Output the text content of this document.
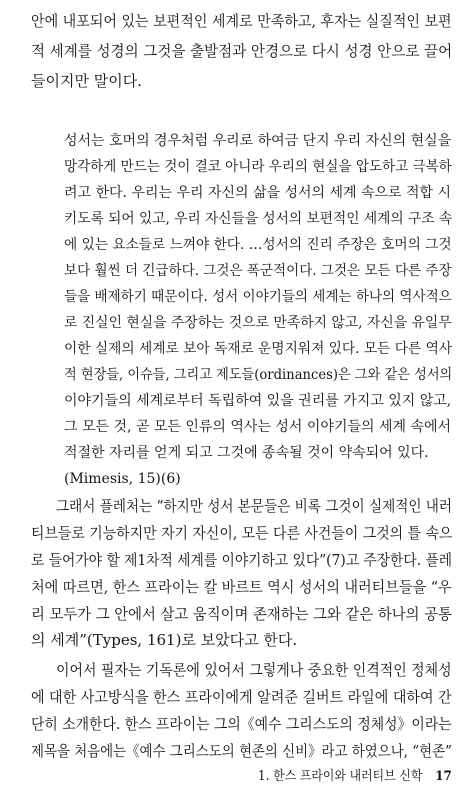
안에 내포되어 있는 보편적인 세계로 만족하고, 후자는 실질적인 보편
적 세계를 성경의 그것을 출발점과 안경으로 다시 성경 안으로 끌어
들이지만 말이다.
성서는 호머의 경우처럼 우리로 하여금 단지 우리 자신의 현실을
망각하게 만드는 것이 결코 아니라 우리의 현실을 압도하고 극복하
려고 한다. 우리는 우리 자신의 삶을 성서의 세계 속으로 적합 시
키도록 되어 있고, 우리 자신들을 성서의 보편적인 세계의 구조 속
에 있는 요소들로 느껴야 한다. …성서의 진리 주장은 호머의 그것
보다 훨씬 더 긴급하다. 그것은 폭군적이다. 그것은 모든 다른 주장
들을 배제하기 때문이다. 성서 이야기들의 세계는 하나의 역사적으
로 진실인 현실을 주장하는 것으로 만족하지 않고, 자신을 유일무
이한 실제의 세계로 보아 독재로 운명지워져 있다. 모든 다른 역사
적 현장들, 이슈들, 그리고 제도들(ordinances)은 그와 같은 성서의
이야기들의 세계로부터 독립하여 있을 권리를 가지고 있지 않고,
그 모든 것, 곧 모든 인류의 역사는 성서 이야기들의 세계 속에서
적절한 자리를 얻게 되고 그것에 종속될 것이 약속되어 있다.
(Mimesis, 15)(6)
그래서 플레처는 “하지만 성서 본문들은 비록 그것이 실제적인 내러
티브들로 기능하지만 자기 자신이, 모든 다른 사건들이 그것의 틀 속으
로 들어가야 할 제1차적 세계를 이야기하고 있다”(7)고 주장한다. 플레
처에 따르면, 한스 프라이는 칼 바르트 역시 성서의 내러티브들을 “우
리 모두가 그 안에서 살고 움직이며 존재하는 그와 같은 하나의 공통
의 세계”(Types, 161)로 보았다고 한다.
이어서 필자는 기독론에 있어서 그렇게나 중요한 인격적인 정체성
에 대한 사고방식을 한스 프라이에게 알려준 길버트 라일에 대하여 간
단히 소개한다. 한스 프라이는 그의《예수 그리스도의 정체성》이라는
제목을 처음에는《예수 그리스도의 현존의 신비》라고 하였으나, “현존”
1. 한스 프라이와 내러티브 신학 17
